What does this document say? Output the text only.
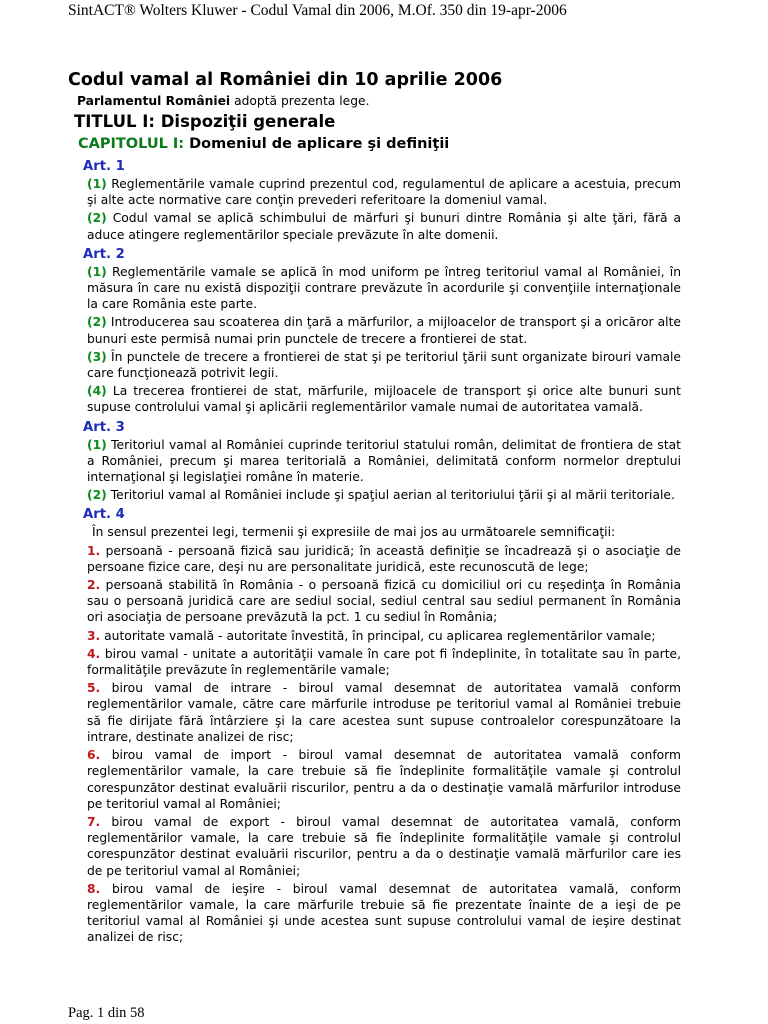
SintACT® Wolters Kluwer - Codul Vamal din 2006, M.Of. 350 din 19-apr-2006
Codul vamal al României din 10 aprilie 2006
Parlamentul României adoptă prezenta lege.
TITLUL I: Dispoziţii generale
CAPITOLUL I: Domeniul de aplicare şi definiţii
Art. 1

(1) Reglementările vamale cuprind prezentul cod, regulamentul de aplicare a acestuia, precum şi alte acte normative care conţin prevederi referitoare la domeniul vamal.

(2) Codul vamal se aplică schimbului de mărfuri şi bunuri dintre România şi alte ţări, fără a aduce atingere reglementărilor speciale prevăzute în alte domenii.

Art. 2

(1) Reglementările vamale se aplică în mod uniform pe întreg teritoriul vamal al României, în măsura în care nu există dispoziţii contrare prevăzute în acordurile şi convenţiile internaţionale la care România este parte.

(2) Introducerea sau scoaterea din ţară a mărfurilor, a mijloacelor de transport şi a oricăror alte bunuri este permisă numai prin punctele de trecere a frontierei de stat.

(3) În punctele de trecere a frontierei de stat şi pe teritoriul ţării sunt organizate birouri vamale care funcţionează potrivit legii.

(4) La trecerea frontierei de stat, mărfurile, mijloacele de transport şi orice alte bunuri sunt supuse controlului vamal şi aplicării reglementărilor vamale numai de autoritatea vamală.

Art. 3

(1) Teritoriul vamal al României cuprinde teritoriul statului român, delimitat de frontiera de stat a României, precum şi marea teritorială a României, delimitată conform normelor dreptului internaţional şi legislaţiei române în materie.

(2) Teritoriul vamal al României include şi spaţiul aerian al teritoriului ţării şi al mării teritoriale.

Art. 4

În sensul prezentei legi, termenii şi expresiile de mai jos au următoarele semnificaţii:

1. persoană - persoană fizică sau juridică; în această definiţie se încadrează şi o asociaţie de persoane fizice care, deşi nu are personalitate juridică, este recunoscută de lege;

2. persoană stabilită în România - o persoană fizică cu domiciliul ori cu reşedinţa în România sau o persoană juridică care are sediul social, sediul central sau sediul permanent în România ori asociaţia de persoane prevăzută la pct. 1 cu sediul în România;

3. autoritate vamală - autoritate învestită, în principal, cu aplicarea reglementărilor vamale;

4. birou vamal - unitate a autorităţii vamale în care pot fi îndeplinite, în totalitate sau în parte, formalităţile prevăzute în reglementările vamale;

5. birou vamal de intrare - biroul vamal desemnat de autoritatea vamală conform reglementărilor vamale, către care mărfurile introduse pe teritoriul vamal al României trebuie să fie dirijate fără întârziere şi la care acestea sunt supuse controalelor corespunzătoare la intrare, destinate analizei de risc;

6. birou vamal de import - biroul vamal desemnat de autoritatea vamală conform reglementărilor vamale, la care trebuie să fie îndeplinite formalităţile vamale şi controlul corespunzător destinat evaluării riscurilor, pentru a da o destinaţie vamală mărfurilor introduse pe teritoriul vamal al României;

7. birou vamal de export - biroul vamal desemnat de autoritatea vamală, conform reglementărilor vamale, la care trebuie să fie îndeplinite formalităţile vamale şi controlul corespunzător destinat evaluării riscurilor, pentru a da o destinaţie vamală mărfurilor care ies de pe teritoriul vamal al României;

8. birou vamal de ieşire - biroul vamal desemnat de autoritatea vamală, conform reglementărilor vamale, la care mărfurile trebuie să fie prezentate înainte de a ieşi de pe teritoriul vamal al României şi unde acestea sunt supuse controlului vamal de ieşire destinat analizei de risc;

Pag. 1 din 58
